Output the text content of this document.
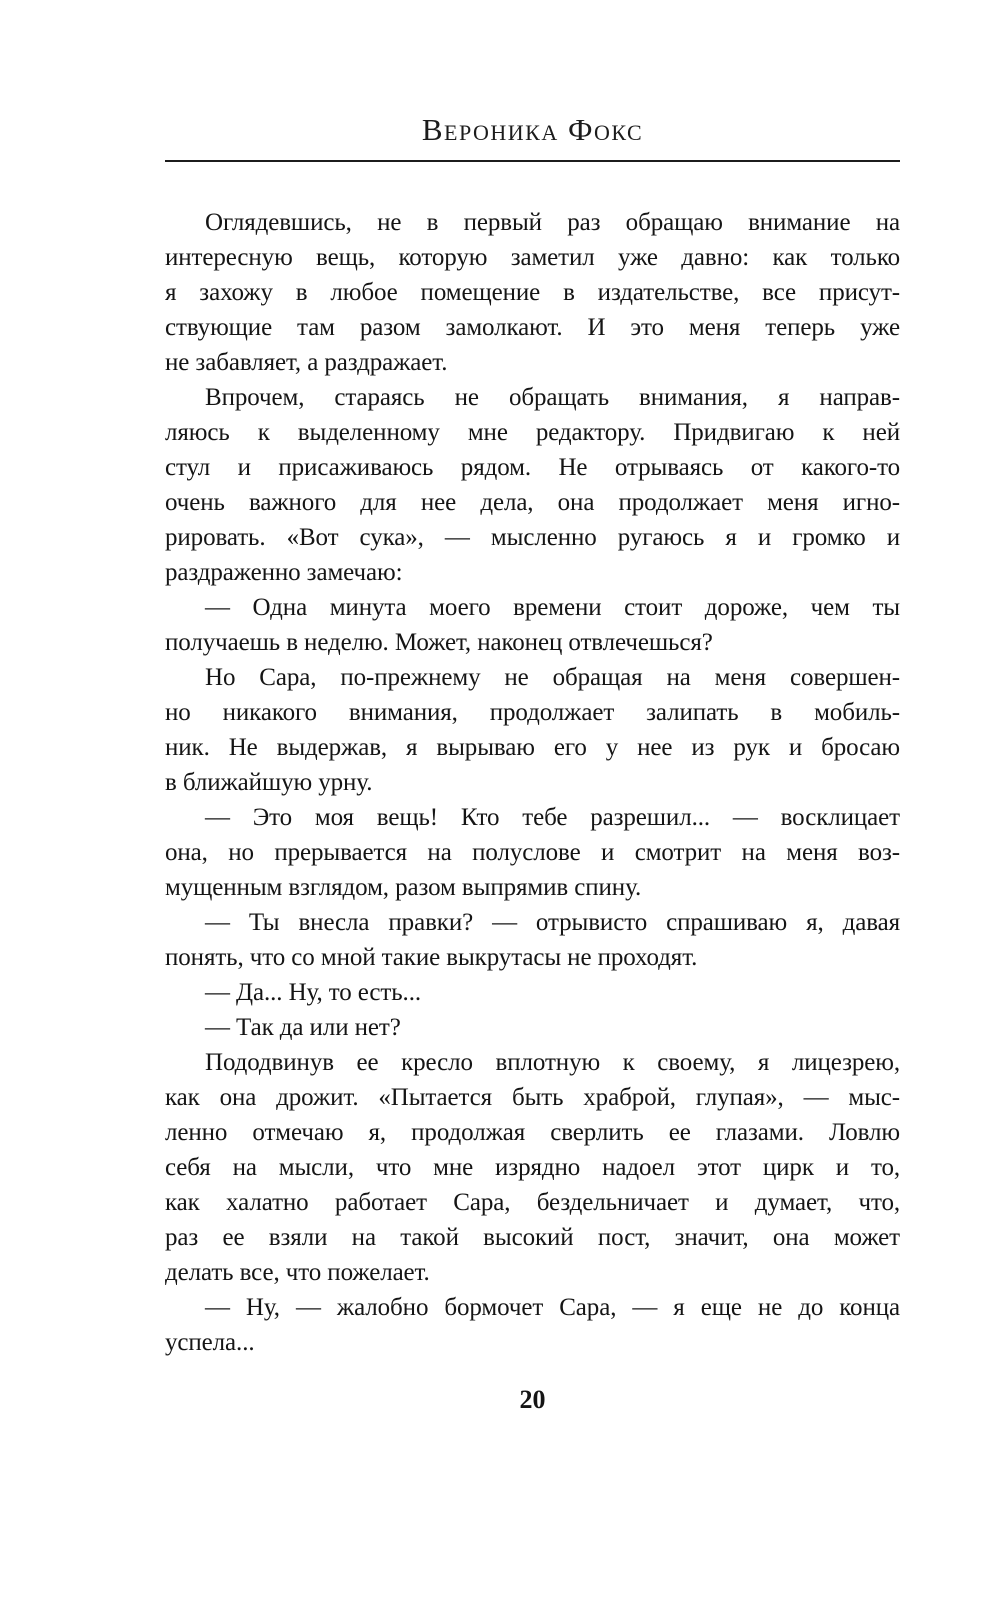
Вероника Фокс
Оглядевшись, не в первый раз обращаю внимание на
интересную вещь, которую заметил уже давно: как только
я захожу в любое помещение в издательстве, все присут-
ствующие там разом замолкают. И это меня теперь уже
не забавляет, а раздражает.
Впрочем, стараясь не обращать внимания, я направ-
ляюсь к выделенному мне редактору. Придвигаю к ней
стул и присаживаюсь рядом. Не отрываясь от какого-то
очень важного для нее дела, она продолжает меня игно-
рировать. «Вот сука», — мысленно ругаюсь я и громко и
раздраженно замечаю:
— Одна минута моего времени стоит дороже, чем ты
получаешь в неделю. Может, наконец отвлечешься?
Но Сара, по-прежнему не обращая на меня совершен-
но никакого внимания, продолжает залипать в мобиль-
ник. Не выдержав, я вырываю его у нее из рук и бросаю
в ближайшую урну.
— Это моя вещь! Кто тебе разрешил... — восклицает
она, но прерывается на полуслове и смотрит на меня воз-
мущенным взглядом, разом выпрямив спину.
— Ты внесла правки? — отрывисто спрашиваю я, давая
понять, что со мной такие выкрутасы не проходят.
— Да... Ну, то есть...
— Так да или нет?
Пододвинув ее кресло вплотную к своему, я лицезрею,
как она дрожит. «Пытается быть храброй, глупая», — мыс-
ленно отмечаю я, продолжая сверлить ее глазами. Ловлю
себя на мысли, что мне изрядно надоел этот цирк и то,
как халатно работает Сара, бездельничает и думает, что,
раз ее взяли на такой высокий пост, значит, она может
делать все, что пожелает.
— Ну, — жалобно бормочет Сара, — я еще не до конца
успела...
20
